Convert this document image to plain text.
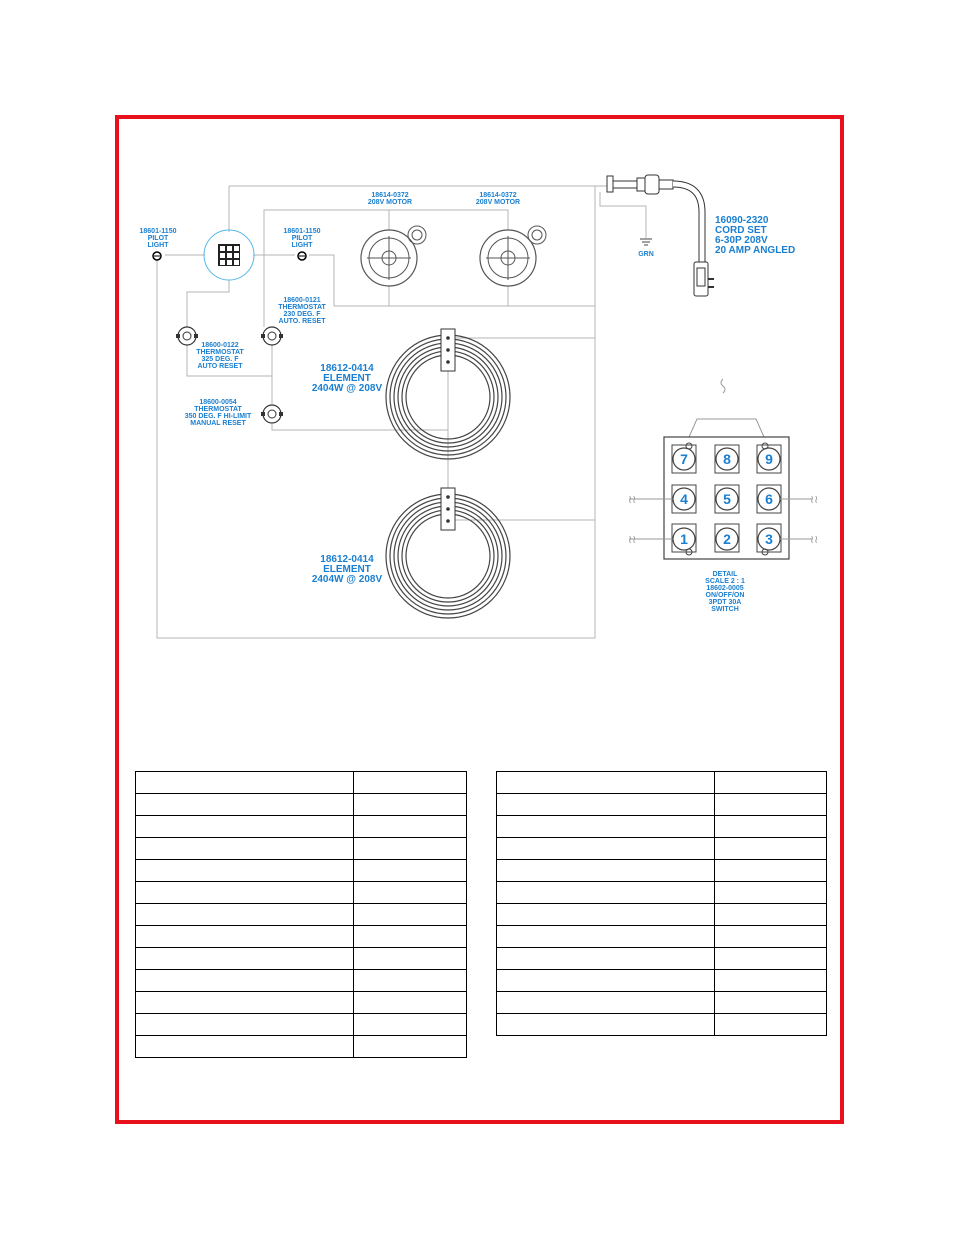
≀≀	≀≀
≀≀	≀≀
7	8 9
4	5 6
1	2 3
18601-1150
PILOT
LIGHT
18601-1150
PILOT
LIGHT
18614-0372
208V MOTOR
18614-0372
208V MOTOR
16090-2320
CORD SET
6-30P 208V
20 AMP ANGLED
GRN
18600-0121
THERMOSTAT
230 DEG. F
AUTO. RESET
18600-0122
THERMOSTAT
325 DEG. F
AUTO RESET
18600-0054
THERMOSTAT
350 DEG. F HI-LIMIT
MANUAL RESET
18612-0414
ELEMENT
2404W @ 208V
18612-0414
ELEMENT
2404W @ 208V	DETAIL
SCALE 2 : 1
18602-0005
ON/OFF/ON
3PDT 30A
SWITCH
